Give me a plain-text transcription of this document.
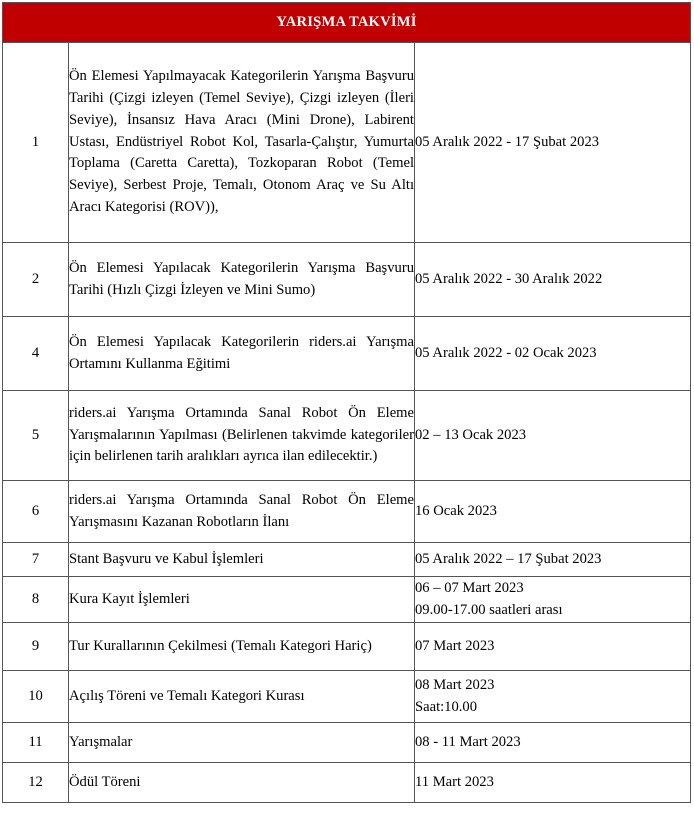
YARIŞMA TAKVİMİ		
1	Ön Elemesi Yapılmayacak Kategorilerin Yarışma Başvuru Tarihi (Çizgi izleyen (Temel Seviye), Çizgi izleyen (İleri Seviye), İnsansız Hava Aracı (Mini Drone), Labirent Ustası, Endüstriyel Robot Kol, Tasarla-Çalıştır, Yumurta Toplama (Caretta Caretta), Tozkoparan Robot (Temel Seviye), Serbest Proje, Temalı, Otonom Araç ve Su Altı Aracı Kategorisi (ROV)),	05 Aralık 2022 - 17 Şubat 2023

2	Ön Elemesi Yapılacak Kategorilerin Yarışma Başvuru Tarihi (Hızlı Çizgi İzleyen ve Mini Sumo)	05 Aralık 2022 - 30 Aralık 2022

4	Ön Elemesi Yapılacak Kategorilerin riders.ai Yarışma Ortamını Kullanma Eğitimi	05 Aralık 2022 - 02 Ocak 2023

5	riders.ai Yarışma Ortamında Sanal Robot Ön Eleme Yarışmalarının Yapılması (Belirlenen takvimde kategoriler için belirlenen tarih aralıkları ayrıca ilan edilecektir.)	02 – 13 Ocak 2023

6	riders.ai Yarışma Ortamında Sanal Robot Ön Eleme Yarışmasını Kazanan Robotların İlanı	16 Ocak 2023

7	Stant Başvuru ve Kabul İşlemleri	05 Aralık 2022 – 17 Şubat 2023

8	Kura Kayıt İşlemleri	06 – 07 Mart 2023
09.00-17.00 saatleri arası

9	Tur Kurallarının Çekilmesi (Temalı Kategori Hariç)	07 Mart 2023

10	Açılış Töreni ve Temalı Kategori Kurası	08 Mart 2023
Saat:10.00

11	Yarışmalar	08 - 11 Mart 2023

12	Ödül Töreni	11 Mart 2023
